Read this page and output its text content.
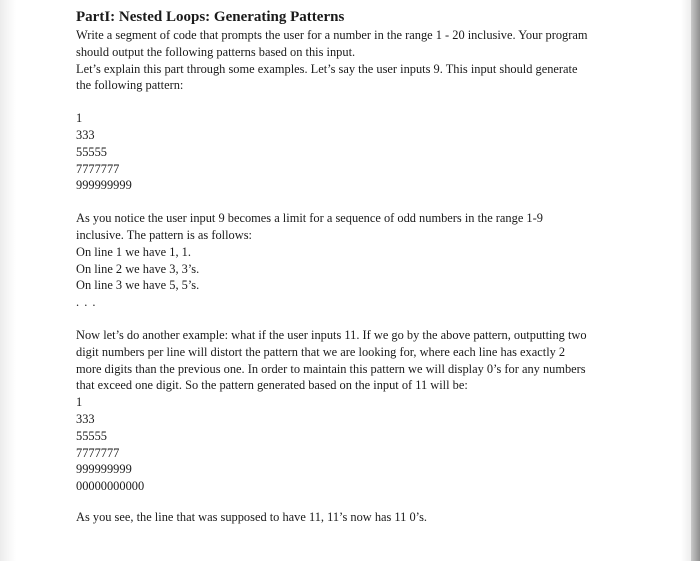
PartI: Nested Loops: Generating Patterns
Write a segment of code that prompts the user for a number in the range 1 - 20 inclusive. Your program
should output the following patterns based on this input.
Let’s explain this part through some examples. Let’s say the user inputs 9. This input should generate
the following pattern:
1
333
55555
7777777
999999999
As you notice the user input 9 becomes a limit for a sequence of odd numbers in the range 1-9
inclusive. The pattern is as follows:
On line 1 we have 1, 1.
On line 2 we have 3, 3’s.
On line 3 we have 5, 5’s.
. . .
Now let’s do another example: what if the user inputs 11. If we go by the above pattern, outputting two
digit numbers per line will distort the pattern that we are looking for, where each line has exactly 2
more digits than the previous one. In order to maintain this pattern we will display 0’s for any numbers
that exceed one digit. So the pattern generated based on the input of 11 will be:
1
333
55555
7777777
999999999
00000000000
As you see, the line that was supposed to have 11, 11’s now has 11 0’s.
